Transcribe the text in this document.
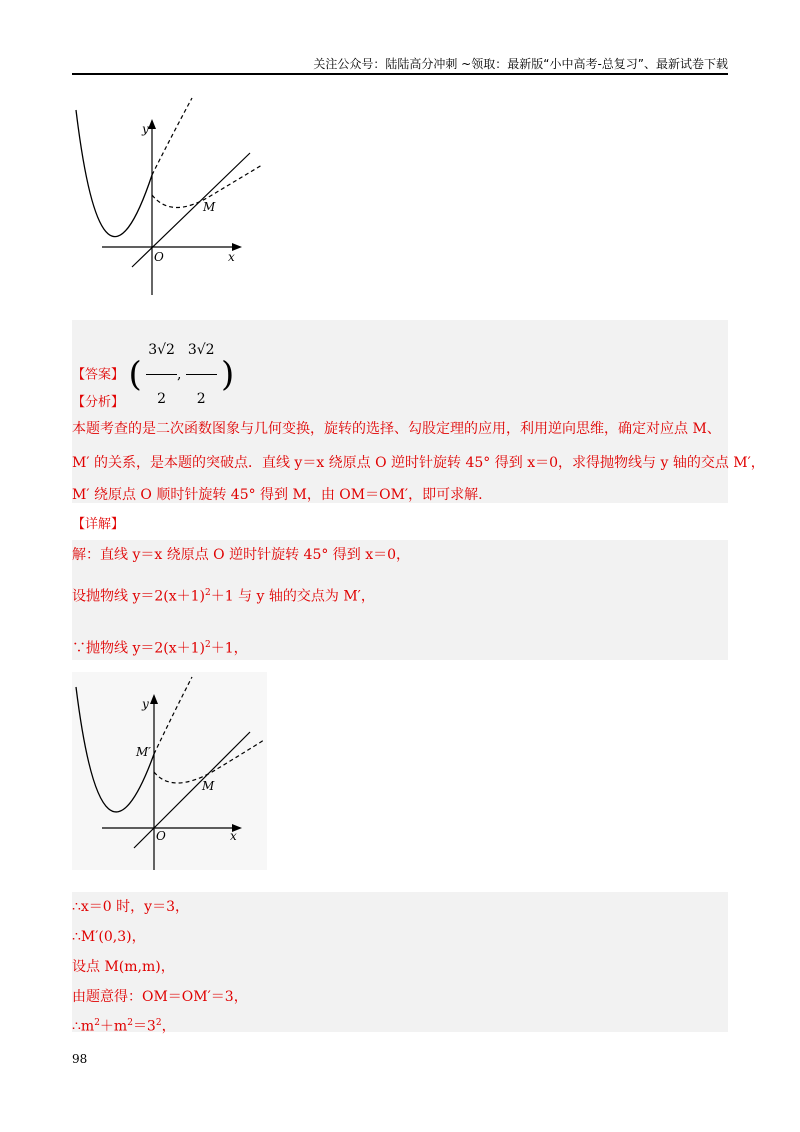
关注公众号：陆陆高分冲刺 ~领取：最新版“小中高考-总复习”、最新试卷下载
y
x
O
M
【答案】 ( $\frac{3√2}{2}$ , $\frac{3√2}{2}$ )
【分析】
本题考查的是二次函数图象与几何变换，旋转的选择、勾股定理的应用，利用逆向思维，确定对应点 M、
M′ 的关系，是本题的突破点．直线 y＝x 绕原点 O 逆时针旋转 45° 得到 x＝0，求得抛物线与 y 轴的交点 M′，
M′ 绕原点 O 顺时针旋转 45° 得到 M，由 OM＝OM′，即可求解.
【详解】
解：直线 y＝x 绕原点 O 逆时针旋转 45° 得到 x＝0，
设抛物线 $y=2(x+1)^2+1$ 与 y 轴的交点为 M′，
∵抛物线 $y=2(x+1)^2+1$，
y
x
O
M
M′
∴x＝0 时，y＝3，
∴M′(0,3)，
设点 M(m,m)，
由题意得：OM＝OM′＝3，
$\therefore m^2+m^2=3^2$，
98
